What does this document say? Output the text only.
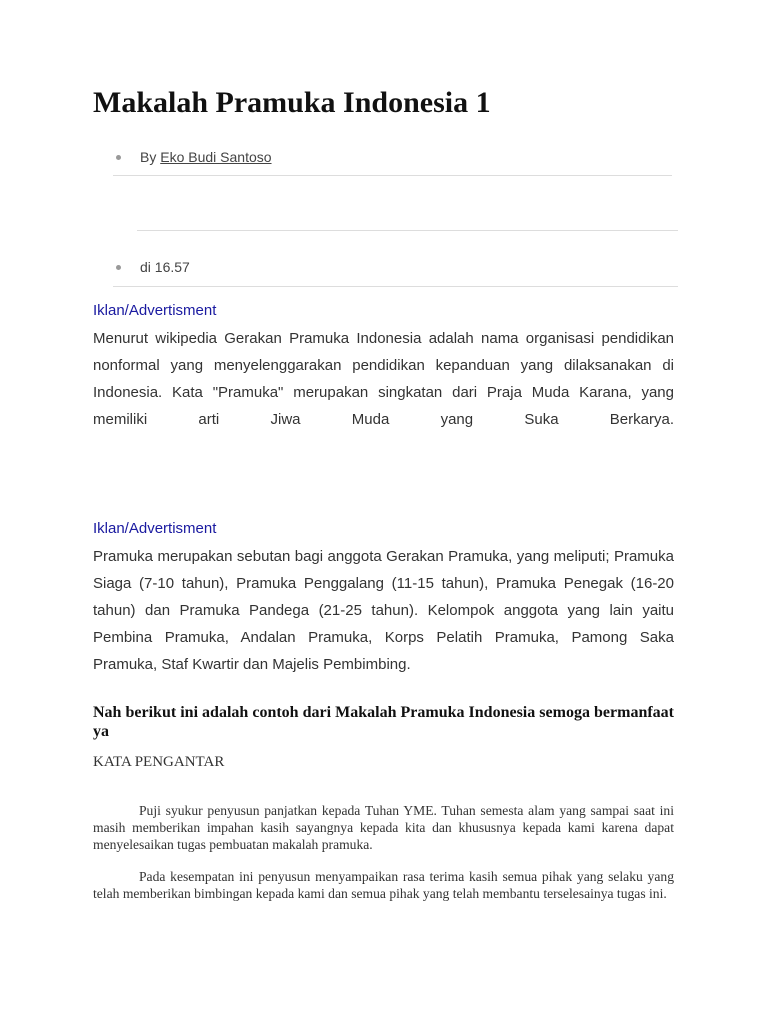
Makalah Pramuka Indonesia 1
By Eko Budi Santoso
di 16.57
Iklan/Advertisment

Menurut wikipedia Gerakan Pramuka Indonesia adalah nama organisasi pendidikan nonformal yang menyelenggarakan pendidikan kepanduan yang dilaksanakan di Indonesia. Kata "Pramuka" merupakan singkatan dari Praja Muda Karana, yang memiliki arti Jiwa Muda yang Suka Berkarya.

Iklan/Advertisment

Pramuka merupakan sebutan bagi anggota Gerakan Pramuka, yang meliputi; Pramuka Siaga (7-10 tahun), Pramuka Penggalang (11-15 tahun), Pramuka Penegak (16-20 tahun) dan Pramuka Pandega (21-25 tahun). Kelompok anggota yang lain yaitu Pembina Pramuka, Andalan Pramuka, Korps Pelatih Pramuka, Pamong Saka Pramuka, Staf Kwartir dan Majelis Pembimbing.

Nah berikut ini adalah contoh dari Makalah Pramuka Indonesia semoga bermanfaat ya
KATA PENGANTAR

Puji syukur penyusun panjatkan kepada Tuhan YME. Tuhan semesta alam yang sampai saat ini masih memberikan impahan kasih sayangnya kepada kita dan khususnya kepada kami karena dapat menyelesaikan tugas pembuatan makalah pramuka.

Pada kesempatan ini penyusun menyampaikan rasa terima kasih semua pihak yang selaku yang telah memberikan bimbingan kepada kami dan semua pihak yang telah membantu terselesainya tugas ini.
